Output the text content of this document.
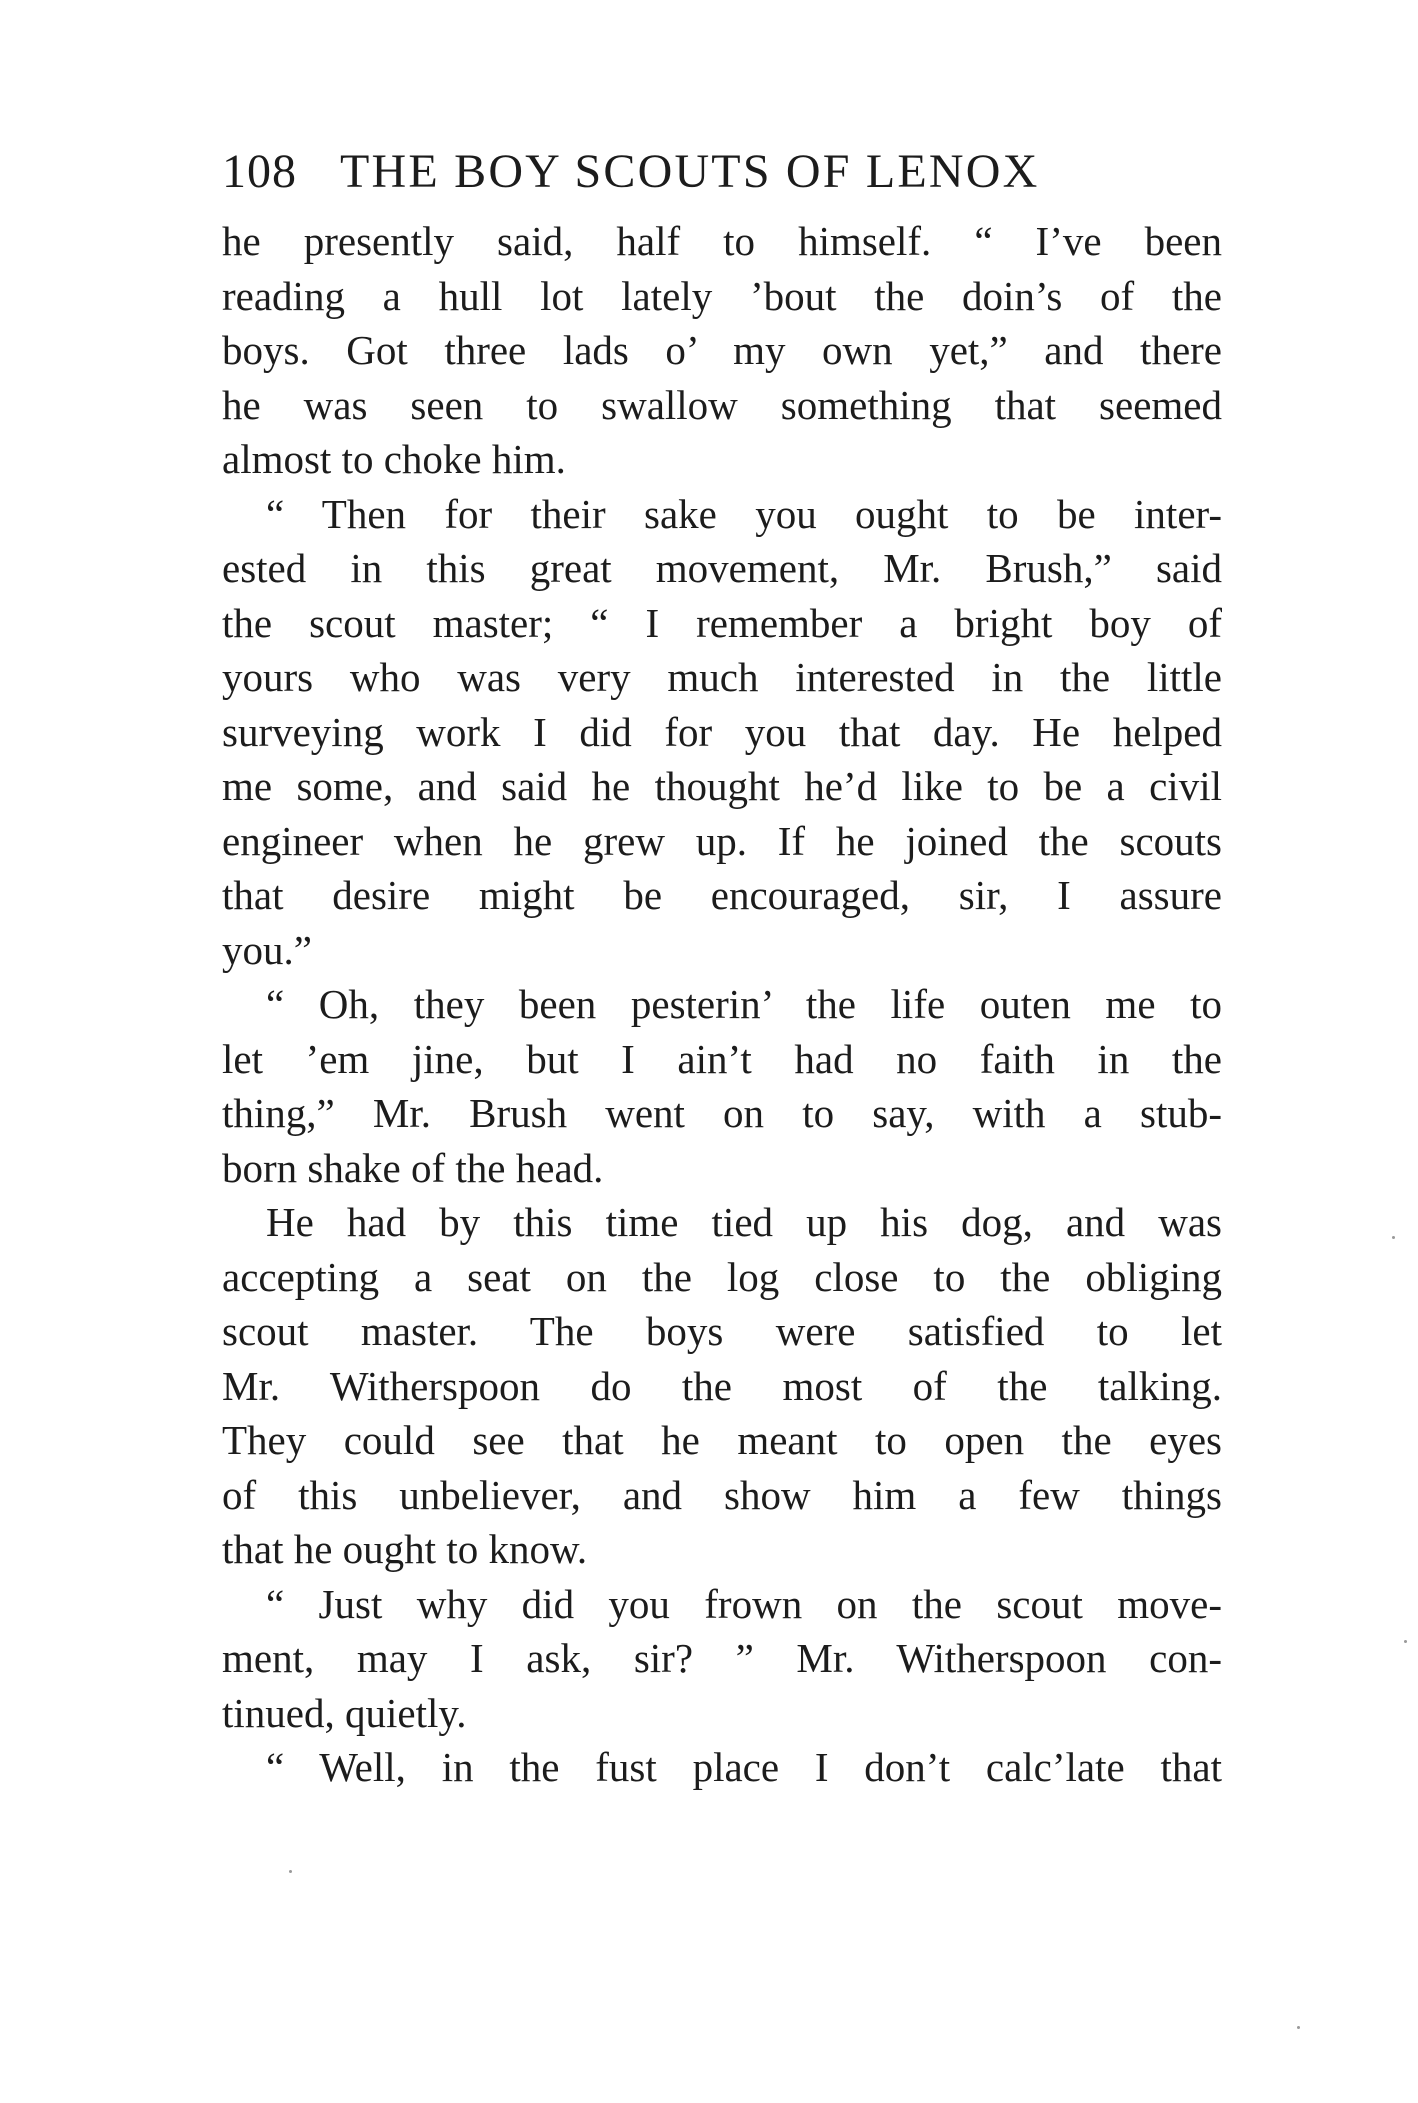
108 THE BOY SCOUTS OF LENOX
he presently said, half to himself. “ I’ve been
reading a hull lot lately ’bout the doin’s of the
boys. Got three lads o’ my own yet,” and there
he was seen to swallow something that seemed
almost to choke him.
“ Then for their sake you ought to be inter-
ested in this great movement, Mr. Brush,” said
the scout master; “ I remember a bright boy of
yours who was very much interested in the little
surveying work I did for you that day. He helped
me some, and said he thought he’d like to be a civil
engineer when he grew up. If he joined the scouts
that desire might be encouraged, sir, I assure
you.”
“ Oh, they been pesterin’ the life outen me to
let ’em jine, but I ain’t had no faith in the
thing,” Mr. Brush went on to say, with a stub-
born shake of the head.
He had by this time tied up his dog, and was
accepting a seat on the log close to the obliging
scout master. The boys were satisfied to let
Mr. Witherspoon do the most of the talking.
They could see that he meant to open the eyes
of this unbeliever, and show him a few things
that he ought to know.
“ Just why did you frown on the scout move-
ment, may I ask, sir? ” Mr. Witherspoon con-
tinued, quietly.
“ Well, in the fust place I don’t calc’late that
